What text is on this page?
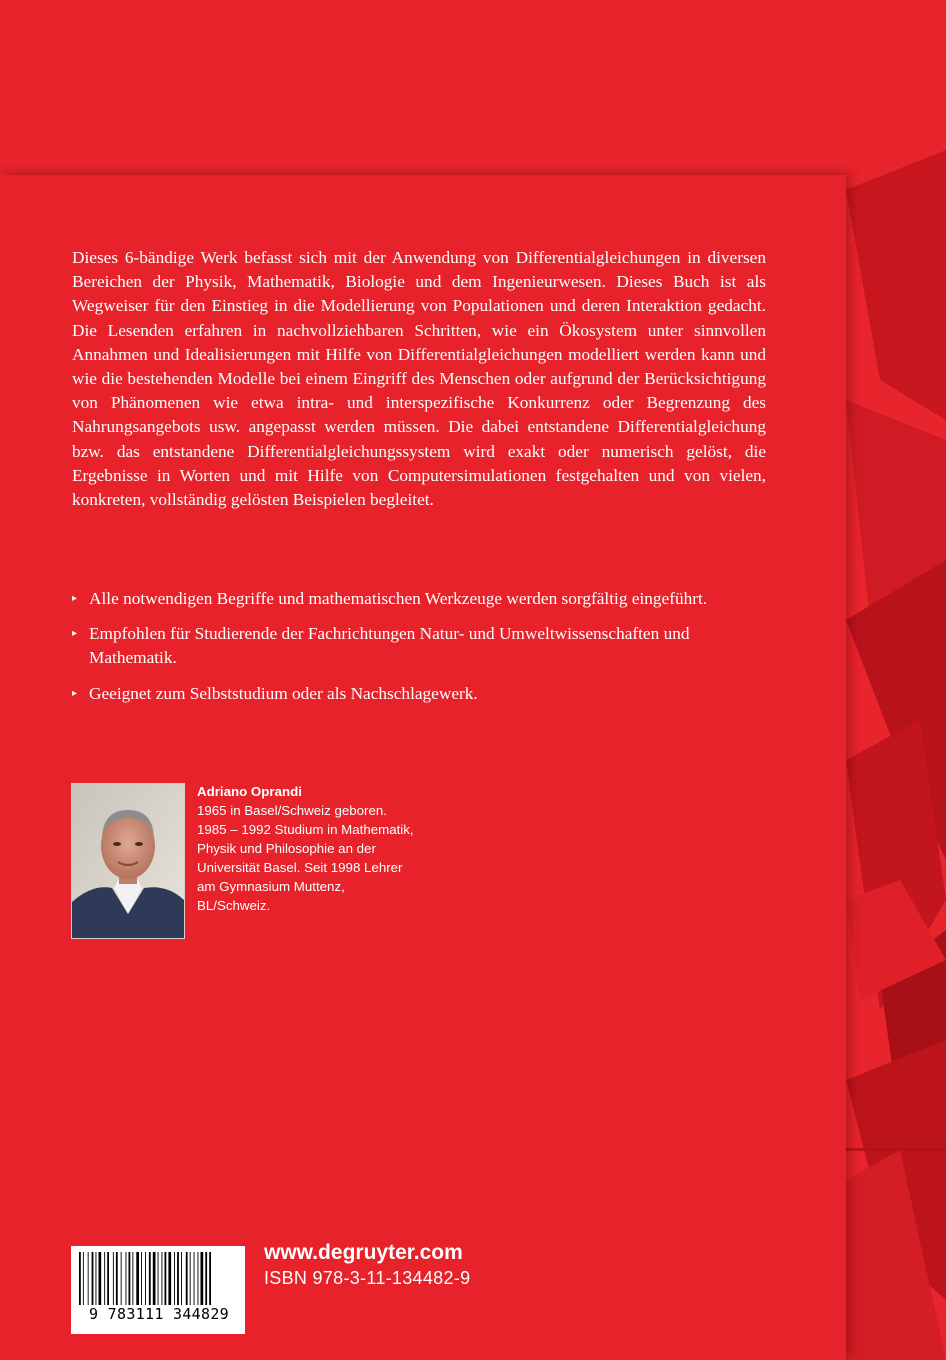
Dieses 6-bändige Werk befasst sich mit der Anwendung von Differentialgleichungen in diversen Bereichen der Physik, Mathematik, Biologie und dem Ingenieurwesen. Dieses Buch ist als Wegweiser für den Einstieg in die Modellierung von Populationen und deren Interaktion gedacht. Die Lesenden erfahren in nachvollziehbaren Schritten, wie ein Ökosystem unter sinnvollen Annahmen und Idealisierungen mit Hilfe von Differentialgleichungen modelliert werden kann und wie die bestehenden Modelle bei einem Eingriff des Menschen oder aufgrund der Berücksichtigung von Phänomenen wie etwa intra- und interspezifische Konkurrenz oder Begrenzung des Nahrungsangebots usw. angepasst werden müssen. Die dabei entstandene Differentialgleichung bzw. das entstandene Differentialgleichungssystem wird exakt oder numerisch gelöst, die Ergebnisse in Worten und mit Hilfe von Computersimulationen festgehalten und von vielen, konkreten, vollständig gelösten Beispielen begleitet.

▸ Alle notwendigen Begriffe und mathematischen Werkzeuge werden sorgfältig eingeführt.
▸ Empfohlen für Studierende der Fachrichtungen Natur- und Umweltwissenschaften und Mathematik.
▸ Geeignet zum Selbststudium oder als Nachschlagewerk.
Adriano Oprandi
1965 in Basel/Schweiz geboren. 1985 – 1992 Studium in Mathematik, Physik und Philosophie an der Universität Basel. Seit 1998 Lehrer am Gymnasium Muttenz, BL/Schweiz.
9 783111 344829
www.degruyter.com
ISBN 978-3-11-134482-9
